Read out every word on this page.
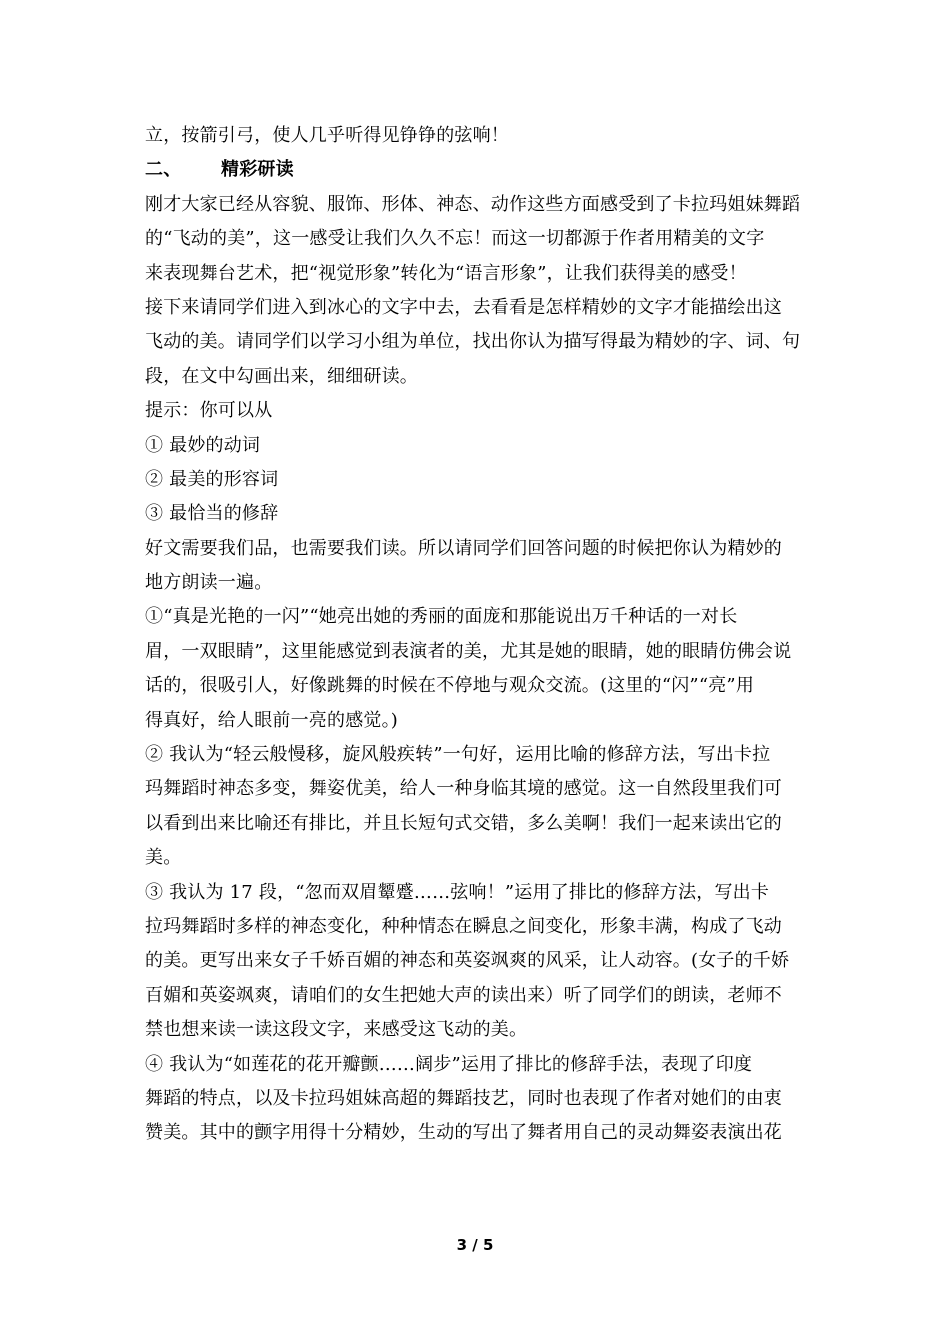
立，按箭引弓，使人几乎听得见铮铮的弦响！
二、 精彩研读
刚才大家已经从容貌、服饰、形体、神态、动作这些方面感受到了卡拉玛姐妹舞蹈
的“飞动的美”，这一感受让我们久久不忘！而这一切都源于作者用精美的文字
来表现舞台艺术，把“视觉形象”转化为“语言形象”，让我们获得美的感受！
接下来请同学们进入到冰心的文字中去，去看看是怎样精妙的文字才能描绘出这
飞动的美。请同学们以学习小组为单位，找出你认为描写得最为精妙的字、词、句
段，在文中勾画出来，细细研读。
提示：你可以从
① 最妙的动词
② 最美的形容词
③ 最恰当的修辞
好文需要我们品，也需要我们读。所以请同学们回答问题的时候把你认为精妙的
地方朗读一遍。
①“真是光艳的一闪”“她亮出她的秀丽的面庞和那能说出万千种话的一对长
眉，一双眼睛”，这里能感觉到表演者的美，尤其是她的眼睛，她的眼睛仿佛会说
话的，很吸引人，好像跳舞的时候在不停地与观众交流。(这里的“闪”“亮”用
得真好，给人眼前一亮的感觉。)
② 我认为“轻云般慢移，旋风般疾转”一句好，运用比喻的修辞方法，写出卡拉
玛舞蹈时神态多变，舞姿优美，给人一种身临其境的感觉。这一自然段里我们可
以看到出来比喻还有排比，并且长短句式交错，多么美啊！我们一起来读出它的
美。
③ 我认为 17 段，“忽而双眉颦蹙……弦响！”运用了排比的修辞方法，写出卡
拉玛舞蹈时多样的神态变化，种种情态在瞬息之间变化，形象丰满，构成了飞动
的美。更写出来女子千娇百媚的神态和英姿飒爽的风采，让人动容。(女子的千娇
百媚和英姿飒爽，请咱们的女生把她大声的读出来）听了同学们的朗读，老师不
禁也想来读一读这段文字，来感受这飞动的美。
④ 我认为“如莲花的花开瓣颤……阔步”运用了排比的修辞手法，表现了印度
舞蹈的特点，以及卡拉玛姐妹高超的舞蹈技艺，同时也表现了作者对她们的由衷
赞美。其中的颤字用得十分精妙，生动的写出了舞者用自己的灵动舞姿表演出花
3 / 5
